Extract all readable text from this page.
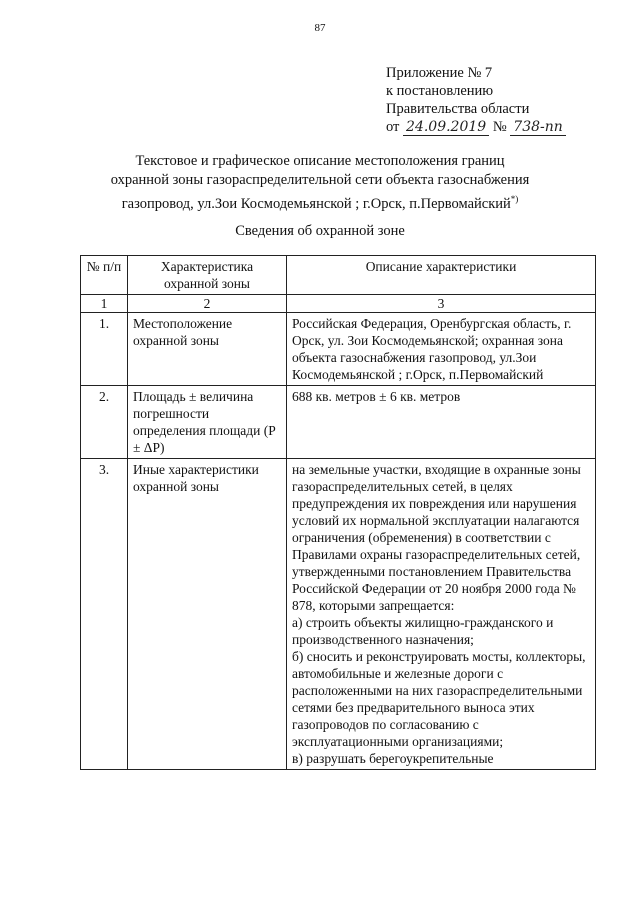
87
Приложение № 7
к постановлению
Правительства области
от 24.09.2019 № 738-пп
Текстовое и графическое описание местоположения границ
охранной зоны газораспределительной сети объекта газоснабжения
газопровод, ул.Зои Космодемьянской ; г.Орск, п.Первомайский*)
Сведения об охранной зоне
№ п/п	Характеристика охранной зоны	Описание характеристики
1	2	3
1.	Местоположение охранной зоны	Российская Федерация, Оренбургская область, г. Орск, ул. Зои Космодемьянской; охранная зона объекта газоснабжения газопровод, ул.Зои Космодемьянской ; г.Орск, п.Первомайский
2.	Площадь ± величина погрешности определения площади (P ± ΔP)	688 кв. метров ± 6 кв. метров
3.	Иные характеристики охранной зоны	на земельные участки, входящие в охранные зоны газораспределительных сетей, в целях предупреждения их повреждения или нарушения условий их нормальной эксплуатации налагаются ограничения (обременения) в соответствии с Правилами охраны газораспределительных сетей, утвержденными постановлением Правительства Российской Федерации от 20 ноября 2000 года № 878, которыми запрещается:
а) строить объекты жилищно-гражданского и производственного назначения;
б) сносить и реконструировать мосты, коллекторы, автомобильные и железные дороги с расположенными на них газораспределительными сетями без предварительного выноса этих газопроводов по согласованию с эксплуатационными организациями;
в) разрушать берегоукрепительные
